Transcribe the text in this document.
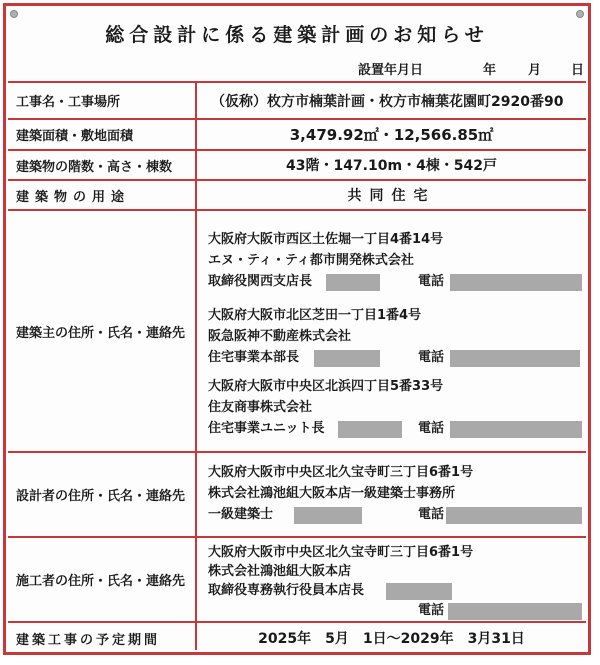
総合設計に係る建築計画のお知らせ
設置年月日	年 月 日
工事名・工事場所	（仮称）枚方市楠葉計画・枚方市楠葉花園町2920番90
建築面積・敷地面積	3,479.92㎡・12,566.85㎡
建築物の階数・高さ・棟数	43階・147.10m・4棟・542戸
建築物の用途	共同住宅
建築主の住所・氏名・連絡先
大阪府大阪市西区土佐堀一丁目4番14号
エヌ・ティ・ティ都市開発株式会社
取締役関西支店長	電話
大阪府大阪市北区芝田一丁目1番4号
阪急阪神不動産株式会社
住宅事業本部長	電話
大阪府大阪市中央区北浜四丁目5番33号
住友商事株式会社
住宅事業ユニット長	電話
設計者の住所・氏名・連絡先
大阪府大阪市中央区北久宝寺町三丁目6番1号
株式会社鴻池組大阪本店一級建築士事務所
一級建築士	電話
施工者の住所・氏名・連絡先
大阪府大阪市中央区北久宝寺町三丁目6番1号
株式会社鴻池組大阪本店
取締役専務執行役員本店長
電話
建築工事の予定期間	2025年　5月　1日〜2029年　3月31日
